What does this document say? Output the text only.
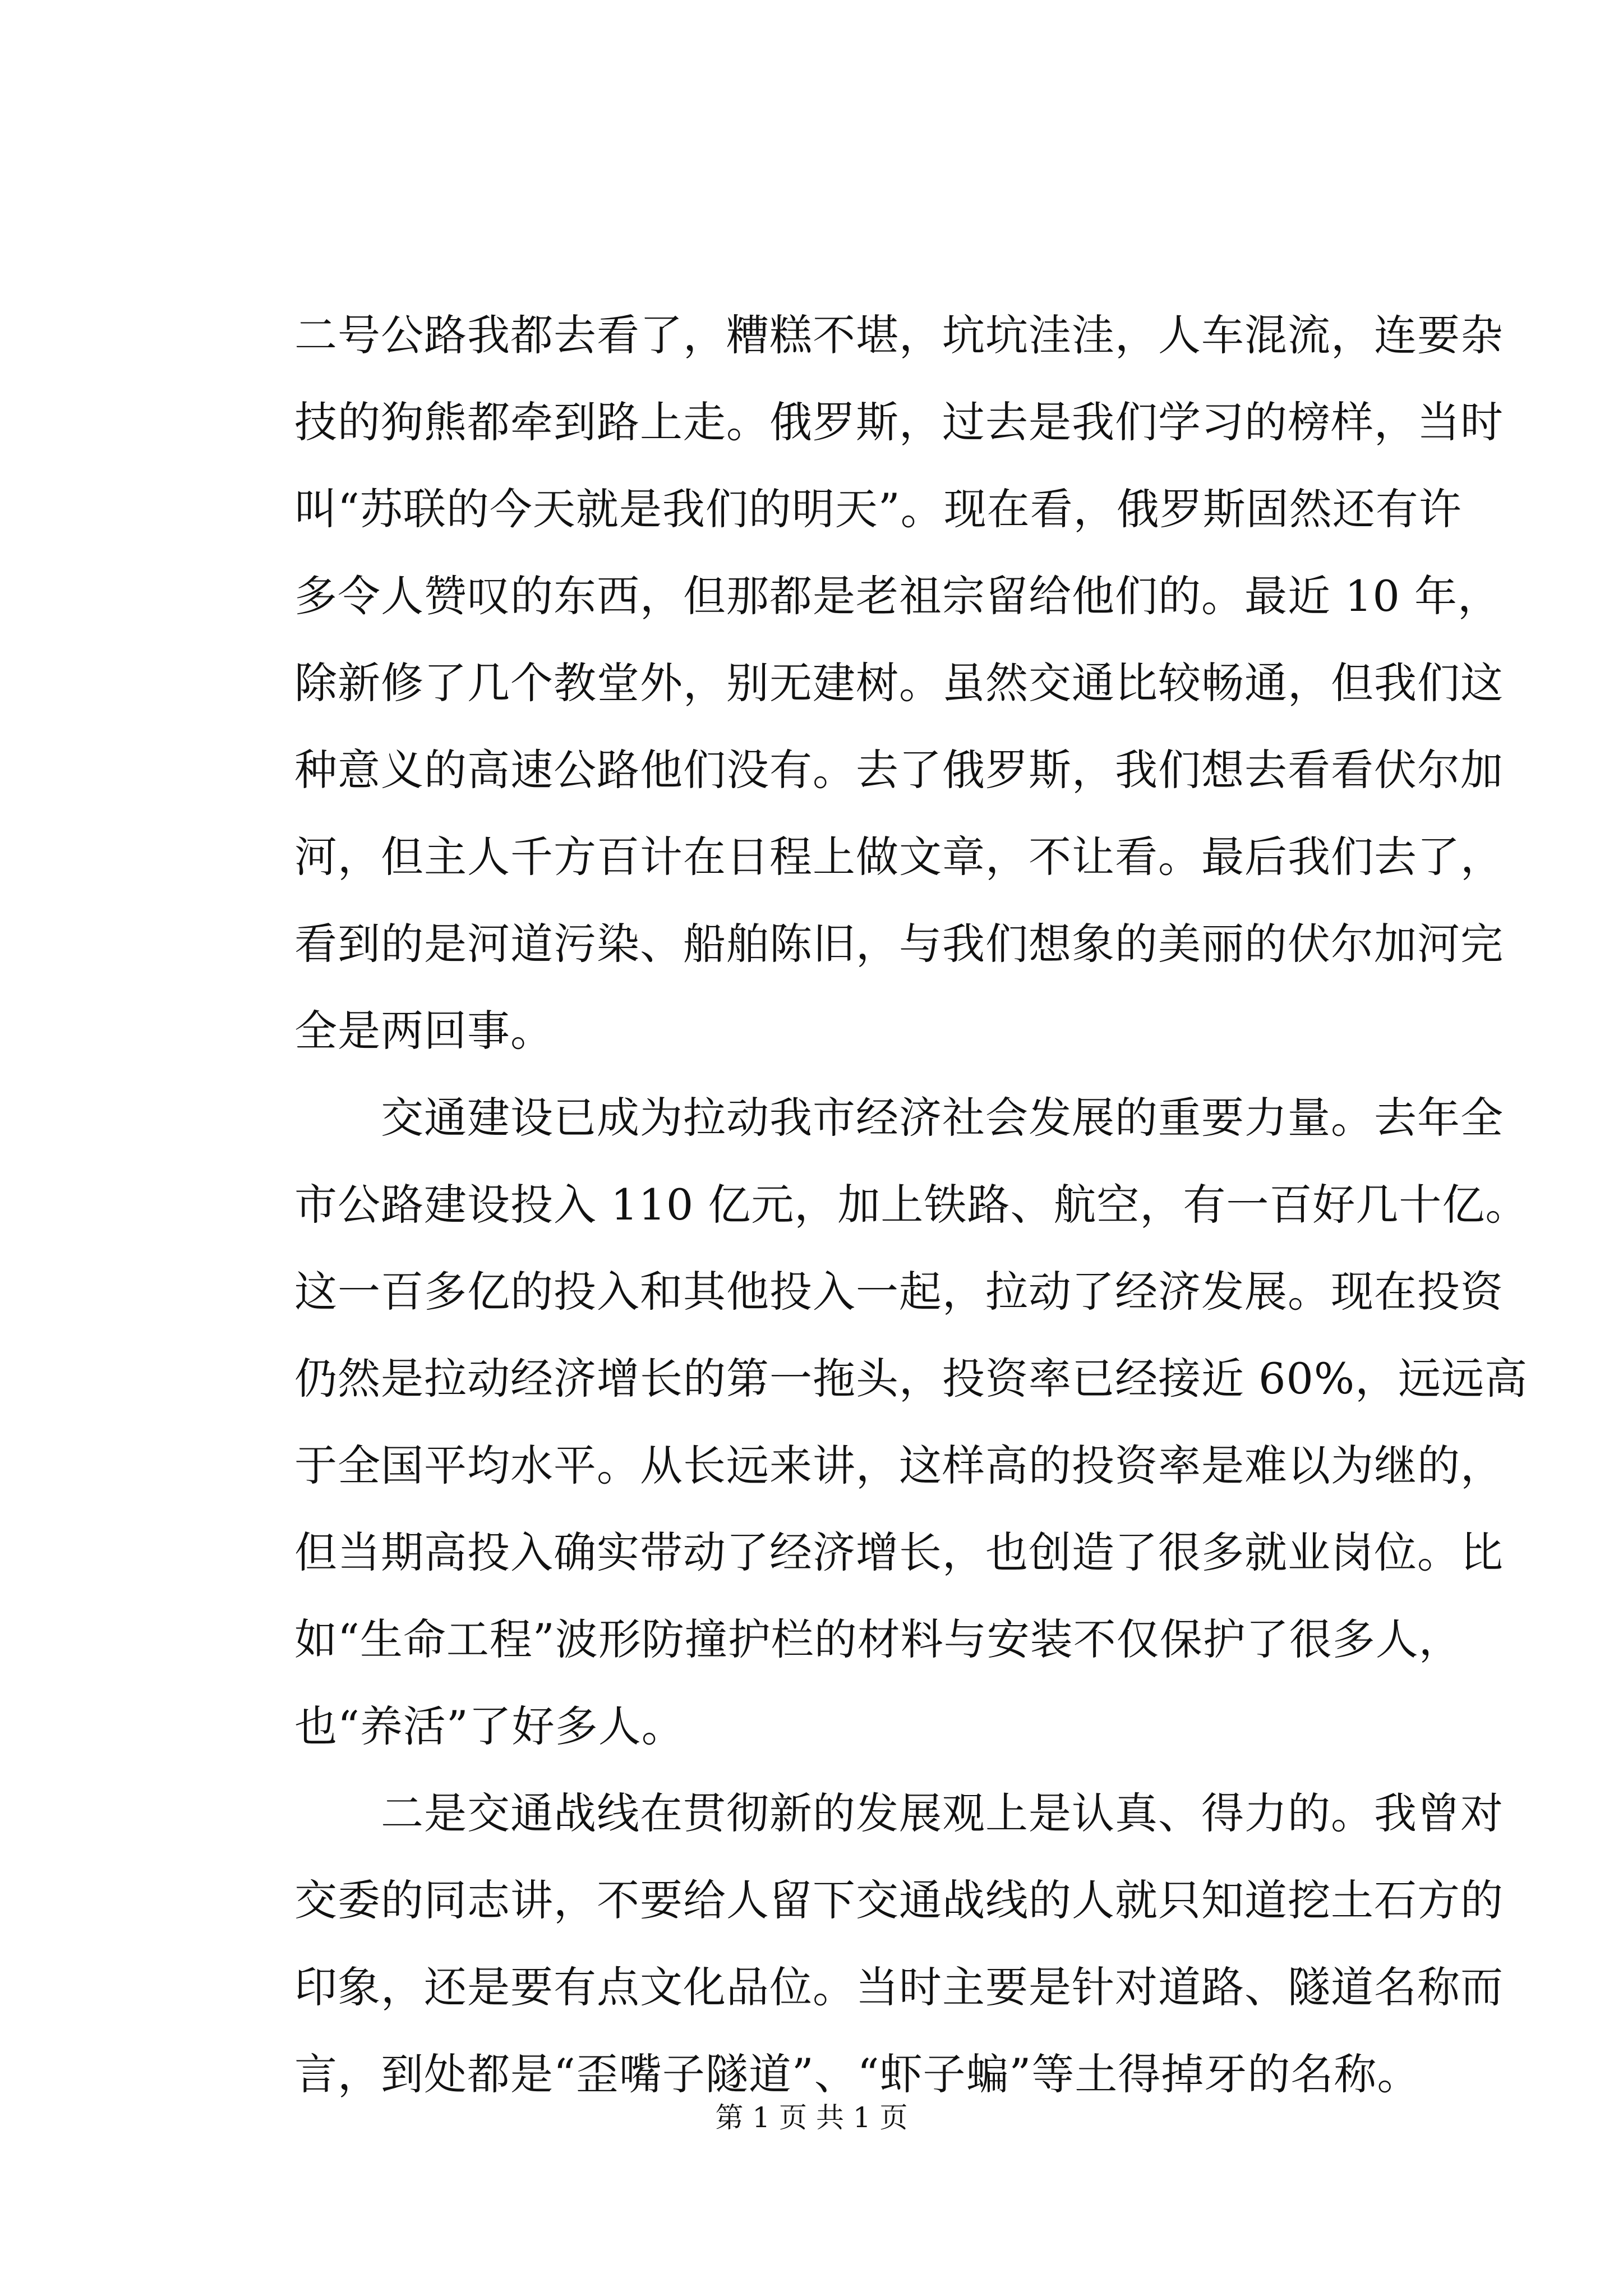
二号公路我都去看了，糟糕不堪，坑坑洼洼，人车混流，连要杂
技的狗熊都牵到路上走。俄罗斯，过去是我们学习的榜样，当时
叫“苏联的今天就是我们的明天”。现在看，俄罗斯固然还有许
多令人赞叹的东西，但那都是老祖宗留给他们的。最近 10 年，
除新修了几个教堂外，别无建树。虽然交通比较畅通，但我们这
种意义的高速公路他们没有。去了俄罗斯，我们想去看看伏尔加
河，但主人千方百计在日程上做文章，不让看。最后我们去了，
看到的是河道污染、船舶陈旧，与我们想象的美丽的伏尔加河完
全是两回事。
　　交通建设已成为拉动我市经济社会发展的重要力量。去年全
市公路建设投入 110 亿元，加上铁路、航空，有一百好几十亿。
这一百多亿的投入和其他投入一起，拉动了经济发展。现在投资
仍然是拉动经济增长的第一拖头，投资率已经接近 60%，远远高
于全国平均水平。从长远来讲，这样高的投资率是难以为继的，
但当期高投入确实带动了经济增长，也创造了很多就业岗位。比
如“生命工程”波形防撞护栏的材料与安装不仅保护了很多人，
也“养活”了好多人。
　　二是交通战线在贯彻新的发展观上是认真、得力的。我曾对
交委的同志讲，不要给人留下交通战线的人就只知道挖土石方的
印象，还是要有点文化品位。当时主要是针对道路、隧道名称而
言，到处都是“歪嘴子隧道”、“虾子蝙”等土得掉牙的名称。
第 1 页 共 1 页
